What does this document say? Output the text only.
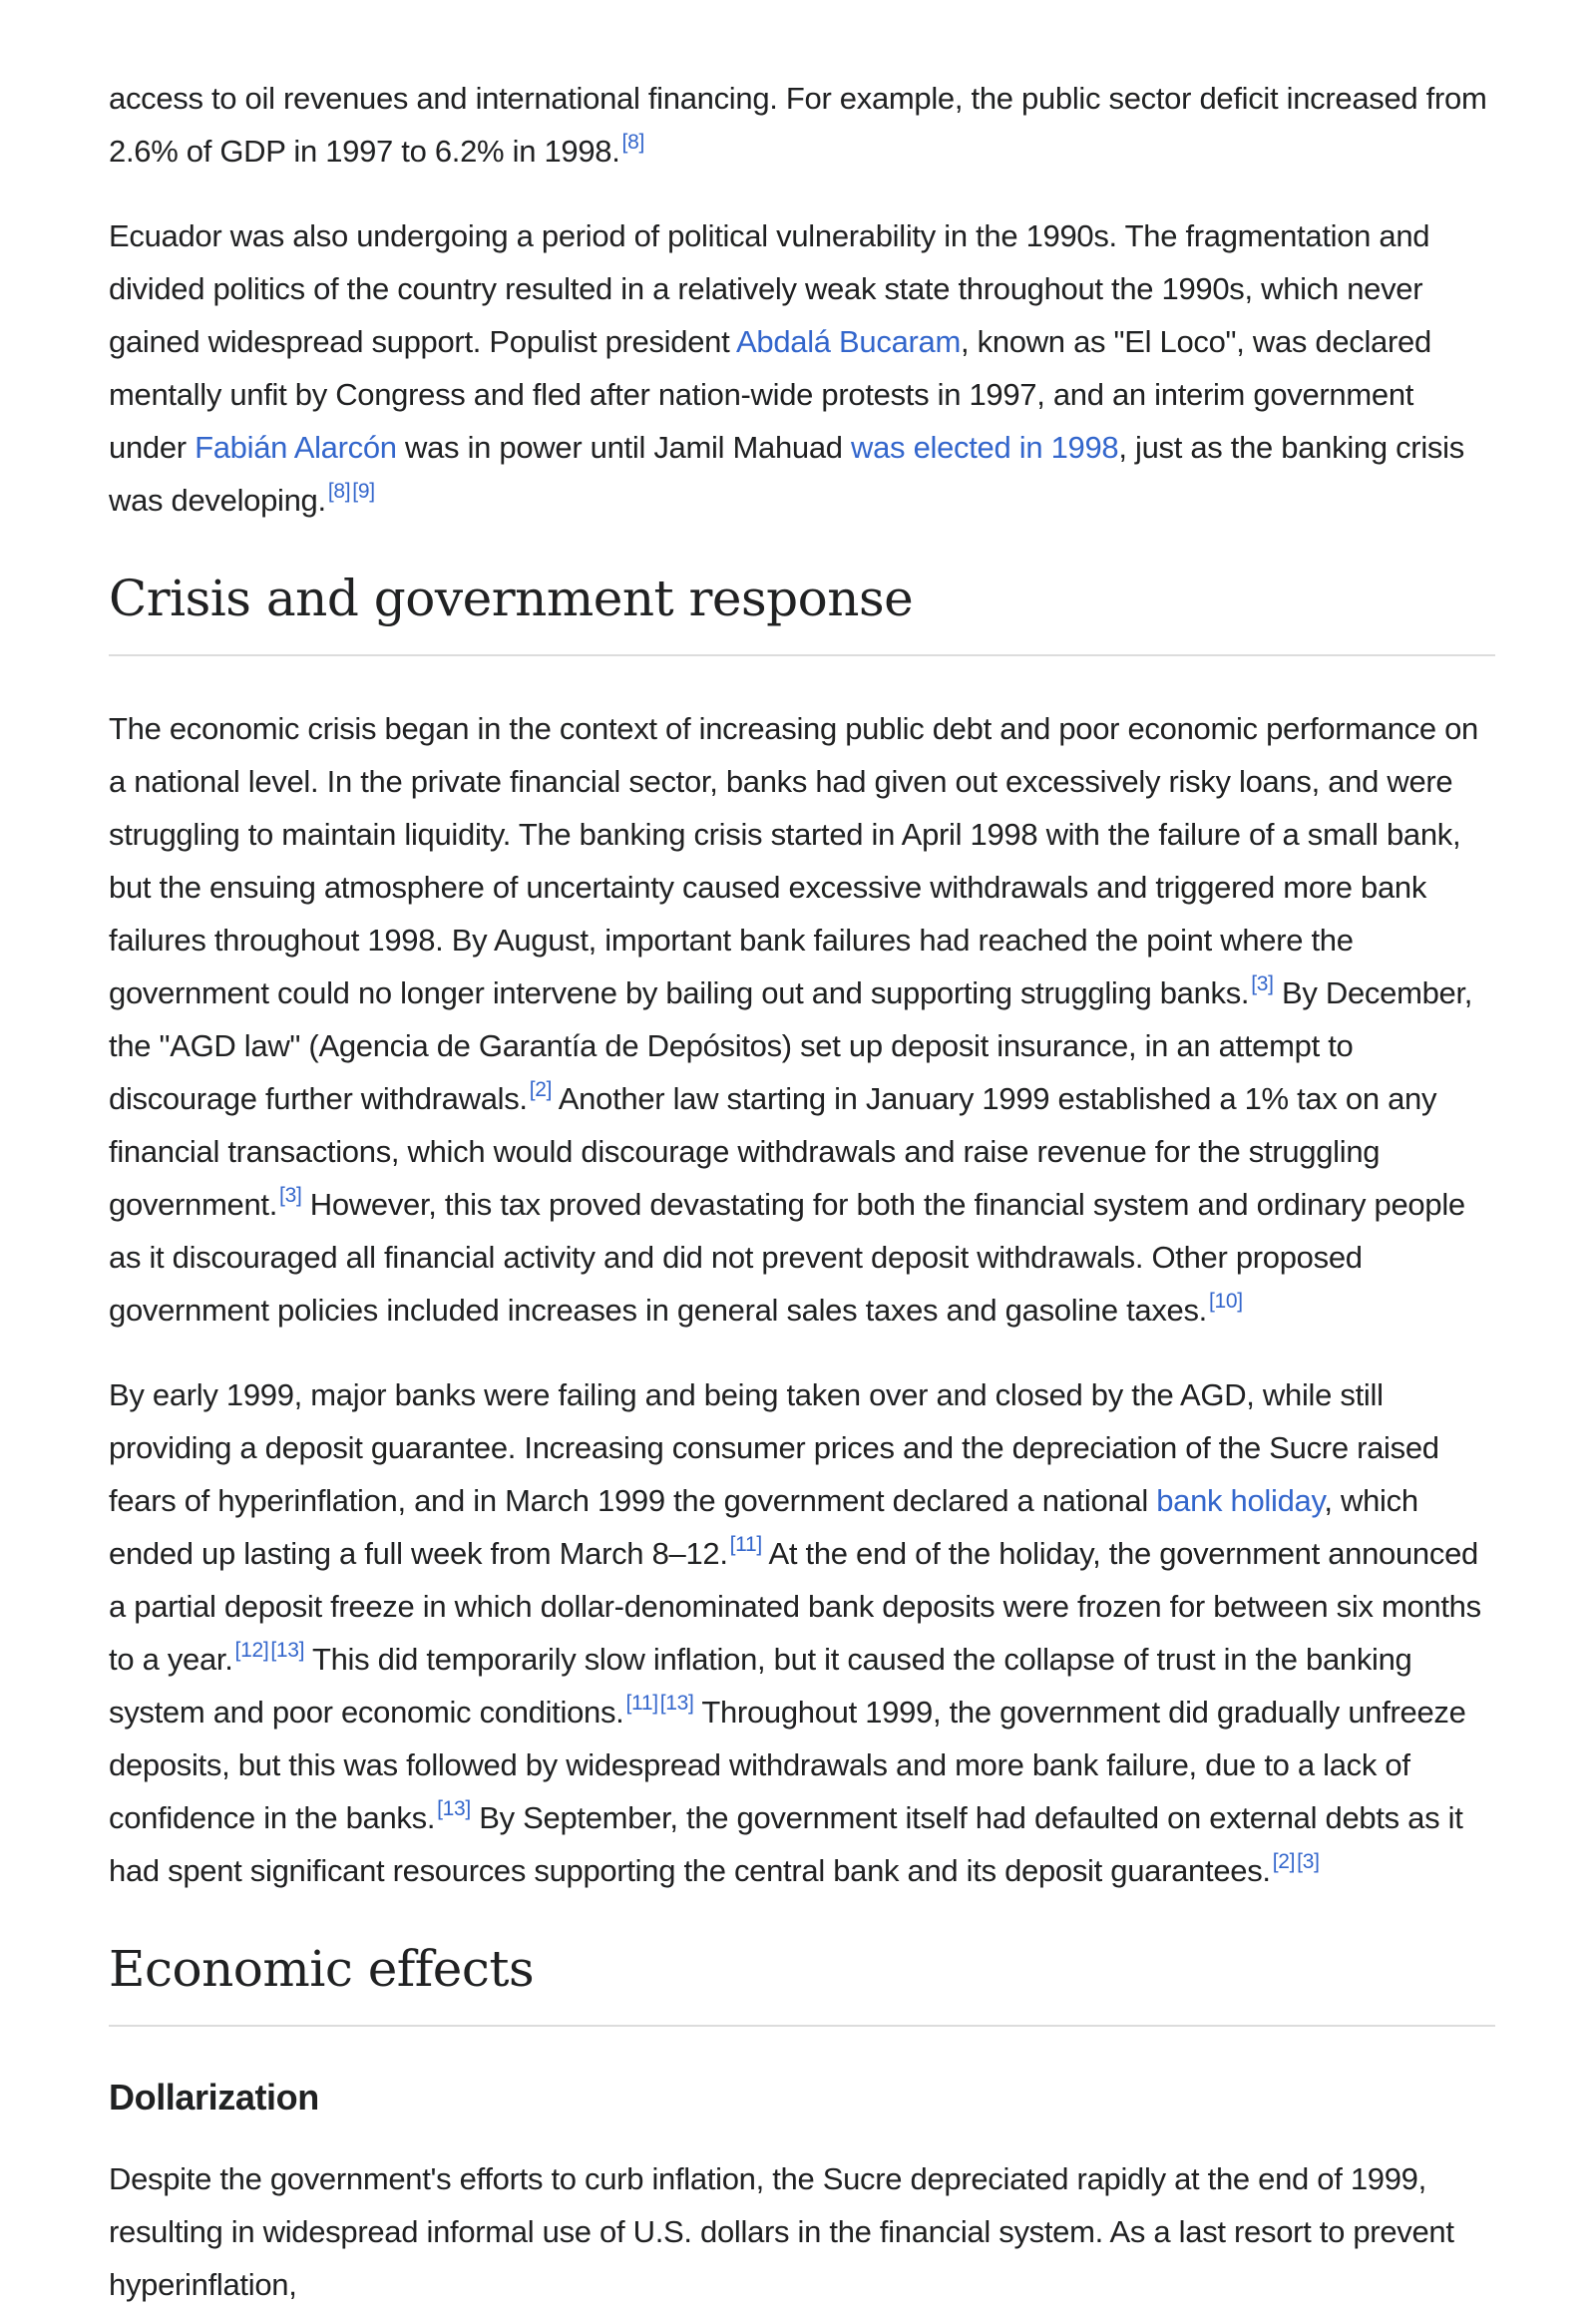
access to oil revenues and international financing. For example, the public sector deficit increased from 2.6% of GDP in 1997 to 6.2% in 1998.[8]

Ecuador was also undergoing a period of political vulnerability in the 1990s. The fragmentation and divided politics of the country resulted in a relatively weak state throughout the 1990s, which never gained widespread support. Populist president Abdalá Bucaram, known as "El Loco", was declared mentally unfit by Congress and fled after nation-wide protests in 1997, and an interim government under Fabián Alarcón was in power until Jamil Mahuad was elected in 1998, just as the banking crisis was developing.[8][9]

Crisis and government response

The economic crisis began in the context of increasing public debt and poor economic performance on a national level. In the private financial sector, banks had given out excessively risky loans, and were struggling to maintain liquidity. The banking crisis started in April 1998 with the failure of a small bank, but the ensuing atmosphere of uncertainty caused excessive withdrawals and triggered more bank failures throughout 1998. By August, important bank failures had reached the point where the government could no longer intervene by bailing out and supporting struggling banks.[3] By December, the "AGD law" (Agencia de Garantía de Depósitos) set up deposit insurance, in an attempt to discourage further withdrawals.[2] Another law starting in January 1999 established a 1% tax on any financial transactions, which would discourage withdrawals and raise revenue for the struggling government.[3] However, this tax proved devastating for both the financial system and ordinary people as it discouraged all financial activity and did not prevent deposit withdrawals. Other proposed government policies included increases in general sales taxes and gasoline taxes.[10]

By early 1999, major banks were failing and being taken over and closed by the AGD, while still providing a deposit guarantee. Increasing consumer prices and the depreciation of the Sucre raised fears of hyperinflation, and in March 1999 the government declared a national bank holiday, which ended up lasting a full week from March 8–12.[11] At the end of the holiday, the government announced a partial deposit freeze in which dollar-denominated bank deposits were frozen for between six months to a year.[12][13] This did temporarily slow inflation, but it caused the collapse of trust in the banking system and poor economic conditions.[11][13] Throughout 1999, the government did gradually unfreeze deposits, but this was followed by widespread withdrawals and more bank failure, due to a lack of confidence in the banks.[13] By September, the government itself had defaulted on external debts as it had spent significant resources supporting the central bank and its deposit guarantees.[2][3]

Economic effects
Dollarization

Despite the government's efforts to curb inflation, the Sucre depreciated rapidly at the end of 1999, resulting in widespread informal use of U.S. dollars in the financial system. As a last resort to prevent hyperinflation,
